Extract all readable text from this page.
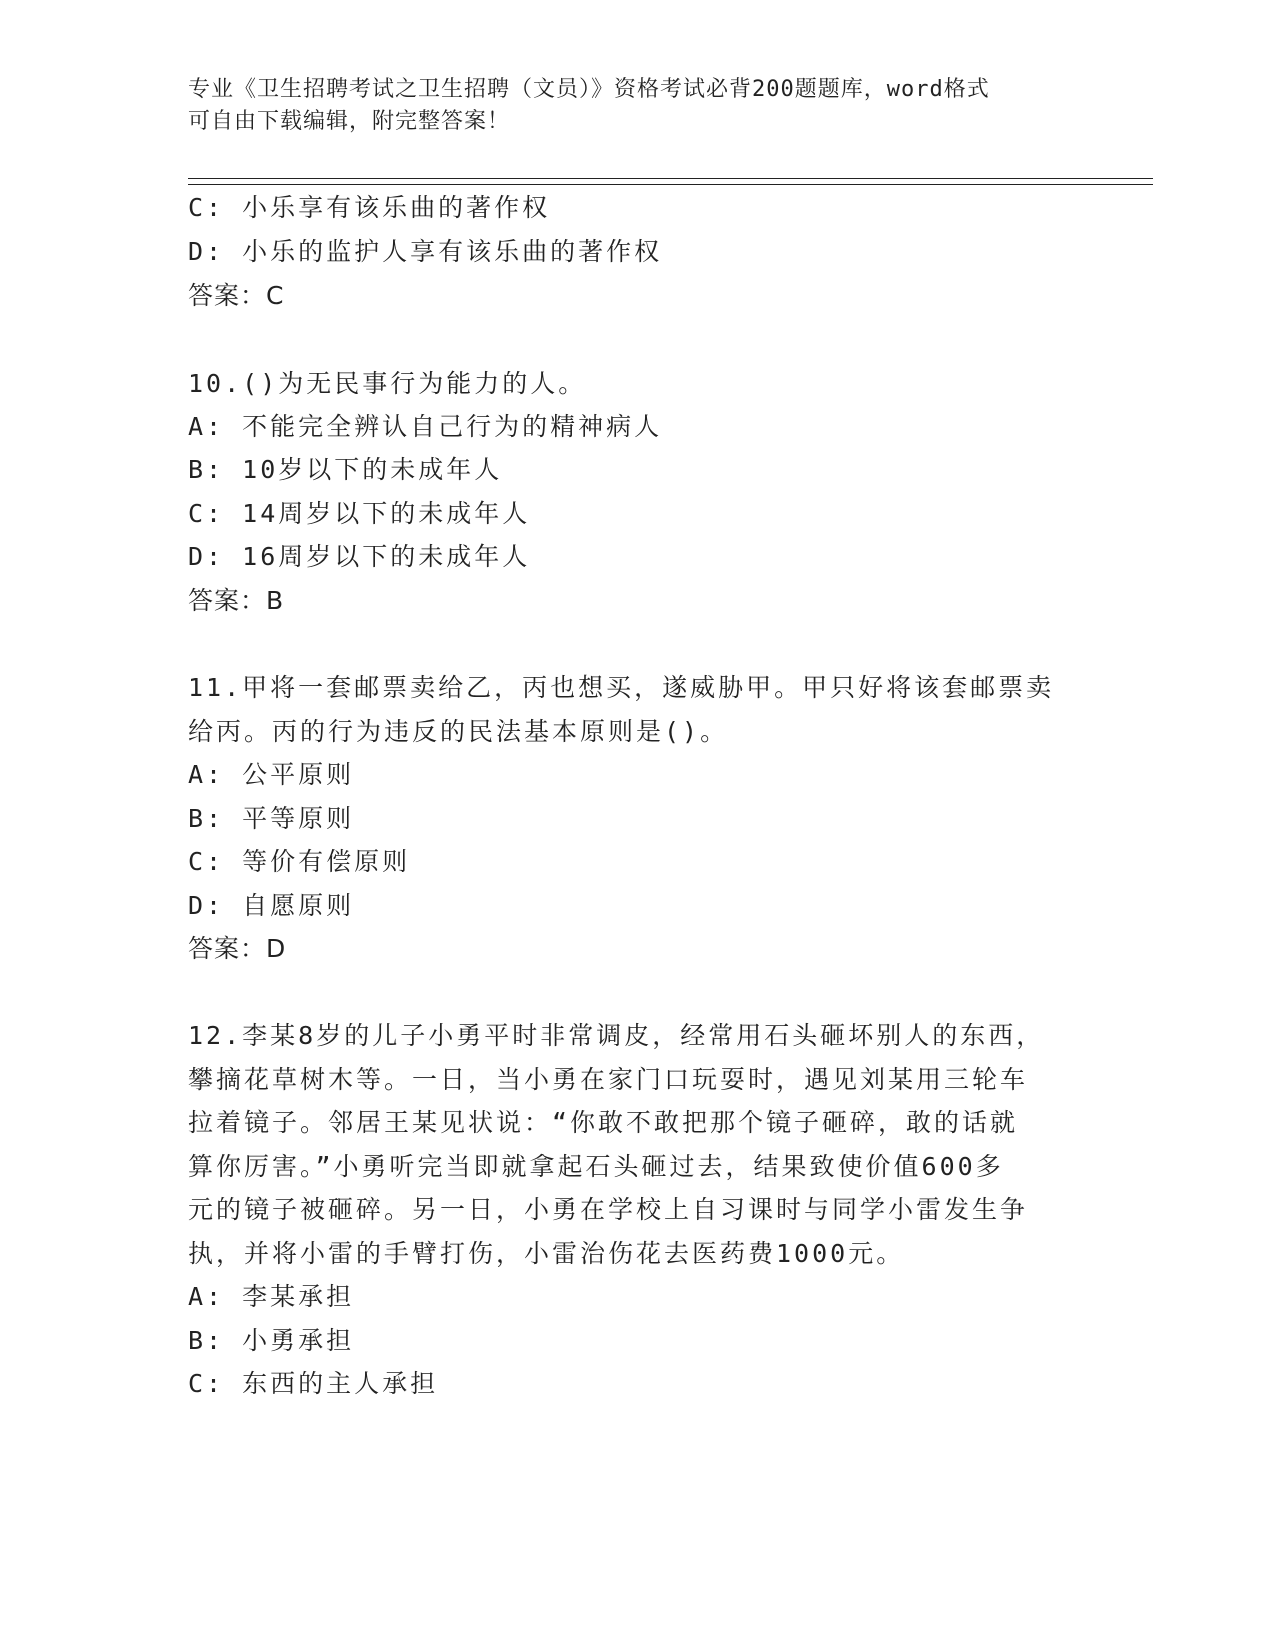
专业《卫生招聘考试之卫生招聘（文员）》资格考试必背200题题库，word格式
可自由下载编辑，附完整答案！
C: 小乐享有该乐曲的著作权
D: 小乐的监护人享有该乐曲的著作权
答案：C
10.()为无民事行为能力的人。
A: 不能完全辨认自己行为的精神病人
B: 10岁以下的未成年人
C: 14周岁以下的未成年人
D: 16周岁以下的未成年人
答案：B
11.甲将一套邮票卖给乙，丙也想买，遂威胁甲。甲只好将该套邮票卖
给丙。丙的行为违反的民法基本原则是()。
A: 公平原则
B: 平等原则
C: 等价有偿原则
D: 自愿原则
答案：D
12.李某8岁的儿子小勇平时非常调皮，经常用石头砸坏别人的东西，
攀摘花草树木等。一日，当小勇在家门口玩耍时，遇见刘某用三轮车
拉着镜子。邻居王某见状说：“你敢不敢把那个镜子砸碎，敢的话就
算你厉害。”小勇听完当即就拿起石头砸过去，结果致使价值600多
元的镜子被砸碎。另一日，小勇在学校上自习课时与同学小雷发生争
执，并将小雷的手臂打伤，小雷治伤花去医药费1000元。
A: 李某承担
B: 小勇承担
C: 东西的主人承担
